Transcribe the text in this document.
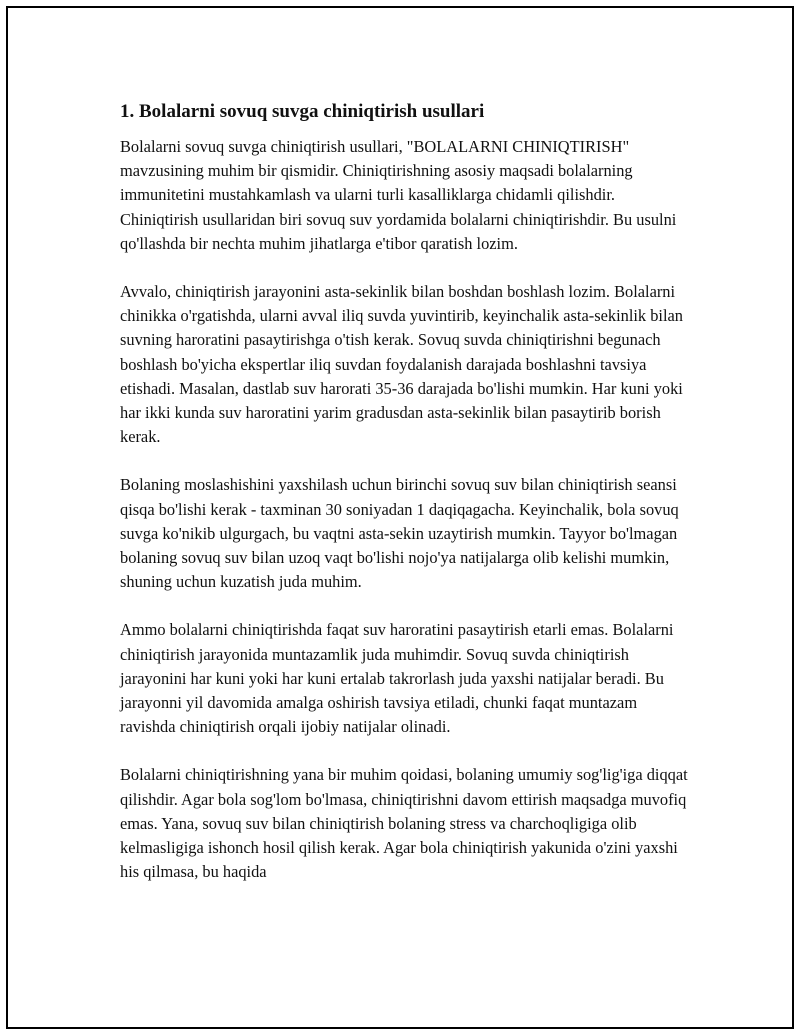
1. Bolalarni sovuq suvga chiniqtirish usullari

Bolalarni sovuq suvga chiniqtirish usullari, "BOLALARNI CHINIQTIRISH" mavzusining muhim bir qismidir. Chiniqtirishning asosiy maqsadi bolalarning immunitetini mustahkamlash va ularni turli kasalliklarga chidamli qilishdir. Chiniqtirish usullaridan biri sovuq suv yordamida bolalarni chiniqtirishdir. Bu usulni qo'llashda bir nechta muhim jihatlarga e'tibor qaratish lozim.

Avvalo, chiniqtirish jarayonini asta-sekinlik bilan boshdan boshlash lozim. Bolalarni chinikka o'rgatishda, ularni avval iliq suvda yuvintirib, keyinchalik asta-sekinlik bilan suvning haroratini pasaytirishga o'tish kerak. Sovuq suvda chiniqtirishni begunach boshlash bo'yicha ekspertlar iliq suvdan foydalanish darajada boshlashni tavsiya etishadi. Masalan, dastlab suv harorati 35-36 darajada bo'lishi mumkin. Har kuni yoki har ikki kunda suv haroratini yarim gradusdan asta-sekinlik bilan pasaytirib borish kerak.

Bolaning moslashishini yaxshilash uchun birinchi sovuq suv bilan chiniqtirish seansi qisqa bo'lishi kerak - taxminan 30 soniyadan 1 daqiqagacha. Keyinchalik, bola sovuq suvga ko'nikib ulgurgach, bu vaqtni asta-sekin uzaytirish mumkin. Tayyor bo'lmagan bolaning sovuq suv bilan uzoq vaqt bo'lishi nojo'ya natijalarga olib kelishi mumkin, shuning uchun kuzatish juda muhim.

Ammo bolalarni chiniqtirishda faqat suv haroratini pasaytirish etarli emas. Bolalarni chiniqtirish jarayonida muntazamlik juda muhimdir. Sovuq suvda chiniqtirish jarayonini har kuni yoki har kuni ertalab takrorlash juda yaxshi natijalar beradi. Bu jarayonni yil davomida amalga oshirish tavsiya etiladi, chunki faqat muntazam ravishda chiniqtirish orqali ijobiy natijalar olinadi.

Bolalarni chiniqtirishning yana bir muhim qoidasi, bolaning umumiy sog'lig'iga diqqat qilishdir. Agar bola sog'lom bo'lmasa, chiniqtirishni davom ettirish maqsadga muvofiq emas. Yana, sovuq suv bilan chiniqtirish bolaning stress va charchoqligiga olib kelmasligiga ishonch hosil qilish kerak. Agar bola chiniqtirish yakunida o'zini yaxshi his qilmasa, bu haqida
